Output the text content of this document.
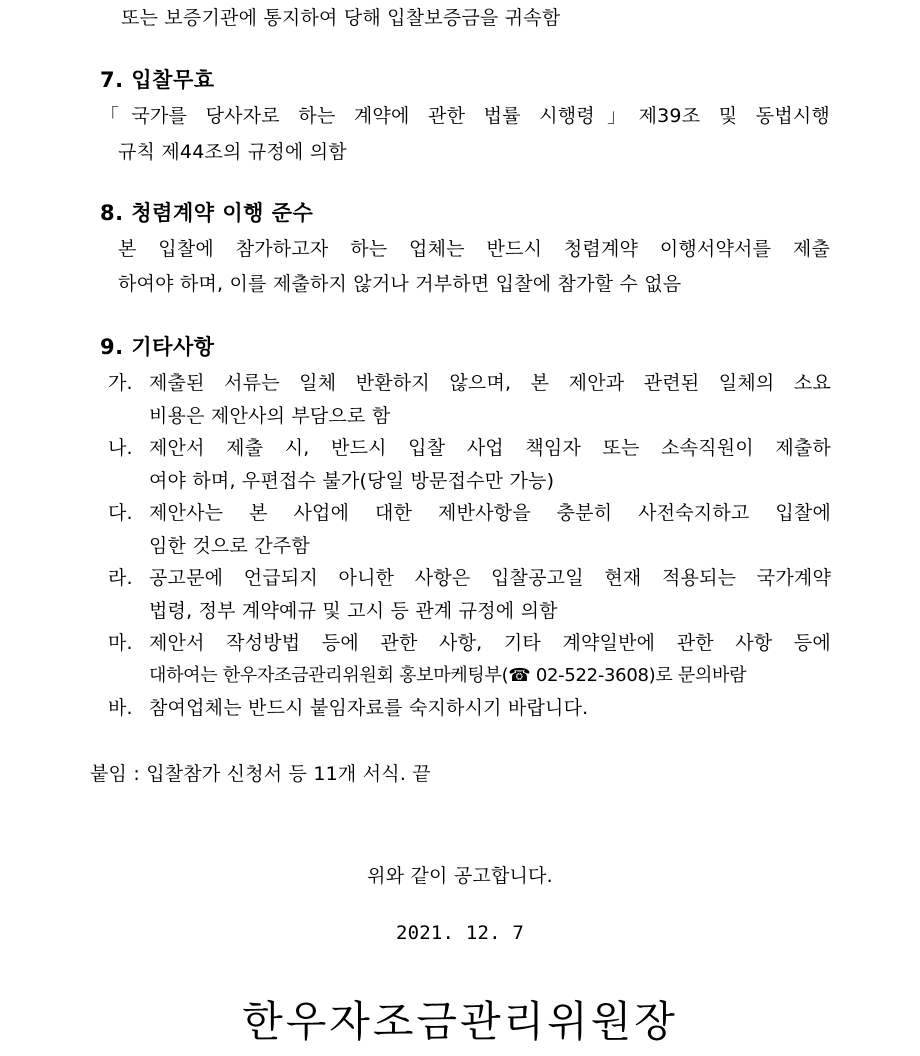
또는 보증기관에 통지하여 당해 입찰보증금을 귀속함
7. 입찰무효
「국가를 당사자로 하는 계약에 관한 법률 시행령」제39조 및 동법시행
규칙 제44조의 규정에 의함
8. 청렴계약 이행 준수
본 입찰에 참가하고자 하는 업체는 반드시 청렴계약 이행서약서를 제출
하여야 하며, 이를 제출하지 않거나 거부하면 입찰에 참가할 수 없음
9. 기타사항
가. 제출된 서류는 일체 반환하지 않으며, 본 제안과 관련된 일체의 소요
비용은 제안사의 부담으로 함
나. 제안서 제출 시, 반드시 입찰 사업 책임자 또는 소속직원이 제출하
여야 하며, 우편접수 불가(당일 방문접수만 가능)
다. 제안사는 본 사업에 대한 제반사항을 충분히 사전숙지하고 입찰에
임한 것으로 간주함
라. 공고문에 언급되지 아니한 사항은 입찰공고일 현재 적용되는 국가계약
법령, 정부 계약예규 및 고시 등 관계 규정에 의함
마. 제안서 작성방법 등에 관한 사항, 기타 계약일반에 관한 사항 등에
대하여는 한우자조금관리위원회 홍보마케팅부(☎ 02-522-3608)로 문의바람
바. 참여업체는 반드시 붙임자료를 숙지하시기 바랍니다.
붙임 : 입찰참가 신청서 등 11개 서식. 끝
위와 같이 공고합니다.
2021. 12. 7
한우자조금관리위원장
